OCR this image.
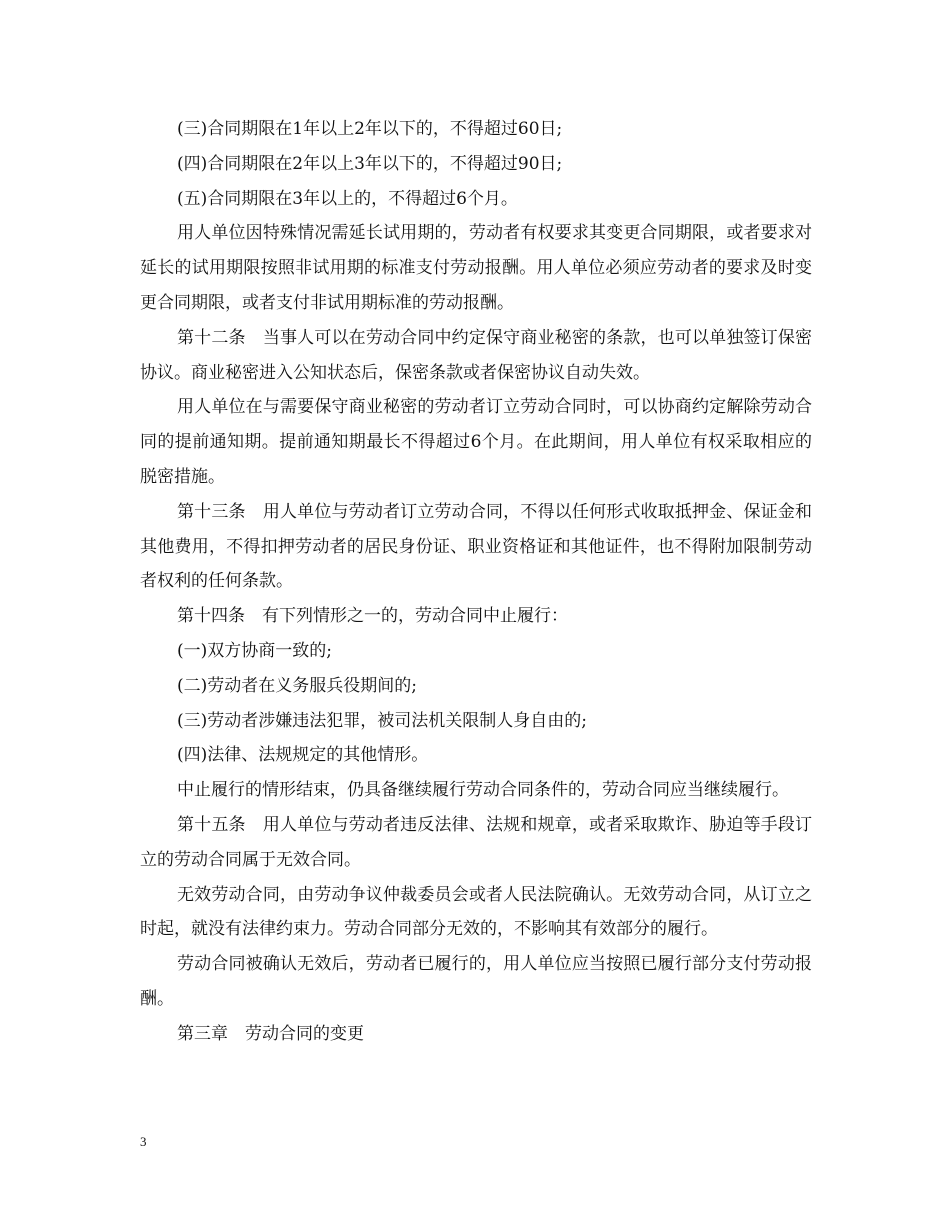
(三)合同期限在1年以上2年以下的，不得超过60日;

(四)合同期限在2年以上3年以下的，不得超过90日;

(五)合同期限在3年以上的，不得超过6个月。

用人单位因特殊情况需延长试用期的，劳动者有权要求其变更合同期限，或者要求对延长的试用期限按照非试用期的标准支付劳动报酬。用人单位必须应劳动者的要求及时变更合同期限，或者支付非试用期标准的劳动报酬。

第十二条　当事人可以在劳动合同中约定保守商业秘密的条款，也可以单独签订保密协议。商业秘密进入公知状态后，保密条款或者保密协议自动失效。

用人单位在与需要保守商业秘密的劳动者订立劳动合同时，可以协商约定解除劳动合同的提前通知期。提前通知期最长不得超过6个月。在此期间，用人单位有权采取相应的脱密措施。

第十三条　用人单位与劳动者订立劳动合同，不得以任何形式收取抵押金、保证金和其他费用，不得扣押劳动者的居民身份证、职业资格证和其他证件，也不得附加限制劳动者权利的任何条款。

第十四条　有下列情形之一的，劳动合同中止履行：

(一)双方协商一致的;

(二)劳动者在义务服兵役期间的;

(三)劳动者涉嫌违法犯罪，被司法机关限制人身自由的;

(四)法律、法规规定的其他情形。

中止履行的情形结束，仍具备继续履行劳动合同条件的，劳动合同应当继续履行。

第十五条　用人单位与劳动者违反法律、法规和规章，或者采取欺诈、胁迫等手段订立的劳动合同属于无效合同。

无效劳动合同，由劳动争议仲裁委员会或者人民法院确认。无效劳动合同，从订立之时起，就没有法律约束力。劳动合同部分无效的，不影响其有效部分的履行。

劳动合同被确认无效后，劳动者已履行的，用人单位应当按照已履行部分支付劳动报酬。

第三章　劳动合同的变更

3
